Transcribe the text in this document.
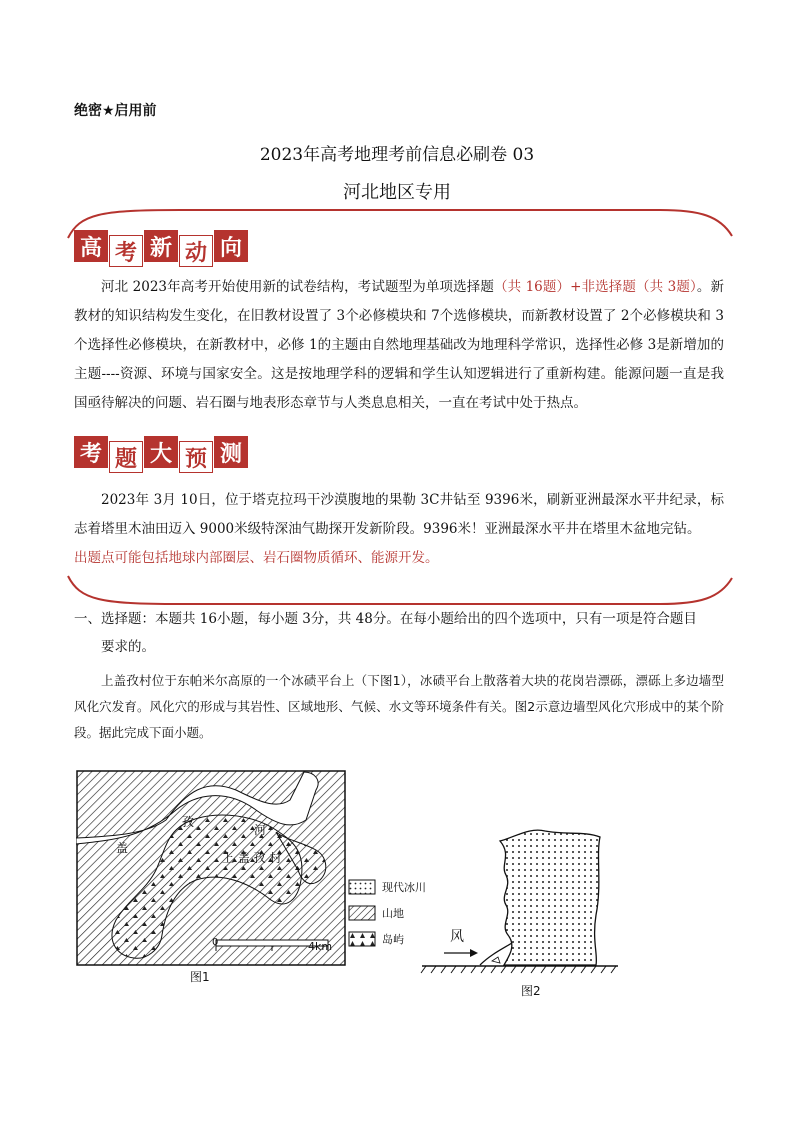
绝密★启用前
2023年高考地理考前信息必刷卷 03
河北地区专用
高 考 新 动 向
河北 2023年高考开始使用新的试卷结构，考试题型为单项选择题（共 16题）+非选择题（共 3题）。新教材的知识结构发生变化，在旧教材设置了 3个必修模块和 7个选修模块，而新教材设置了 2个必修模块和 3个选择性必修模块，在新教材中，必修 1的主题由自然地理基础改为地理科学常识，选择性必修 3是新增加的主题----资源、环境与国家安全。这是按地理学科的逻辑和学生认知逻辑进行了重新构建。能源问题一直是我国亟待解决的问题、岩石圈与地表形态章节与人类息息相关，一直在考试中处于热点。
考 题 大 预 测
2023年 3月 10日，位于塔克拉玛干沙漠腹地的果勒 3C井钻至 9396米，刷新亚洲最深水平井纪录，标志着塔里木油田迈入 9000米级特深油气勘探开发新阶段。9396米！亚洲最深水平井在塔里木盆地完钻。
出题点可能包括地球内部圈层、岩石圈物质循环、能源开发。
一、选择题：本题共 16小题，每小题 3分，共 48分。在每小题给出的四个选项中，只有一项是符合题目
要求的。
上盖孜村位于东帕米尔高原的一个冰碛平台上（下图1），冰碛平台上散落着大块的花岗岩漂砾，漂砾上多边墙型风化穴发育。风化穴的形成与其岩性、区域地形、气候、水文等环境条件有关。图2示意边墙型风化穴形成中的某个阶段。据此完成下面小题。
0	4km
孜
河
盖
上 盖 孜 村
图1
现代冰川
山地
岛屿	风
图2
